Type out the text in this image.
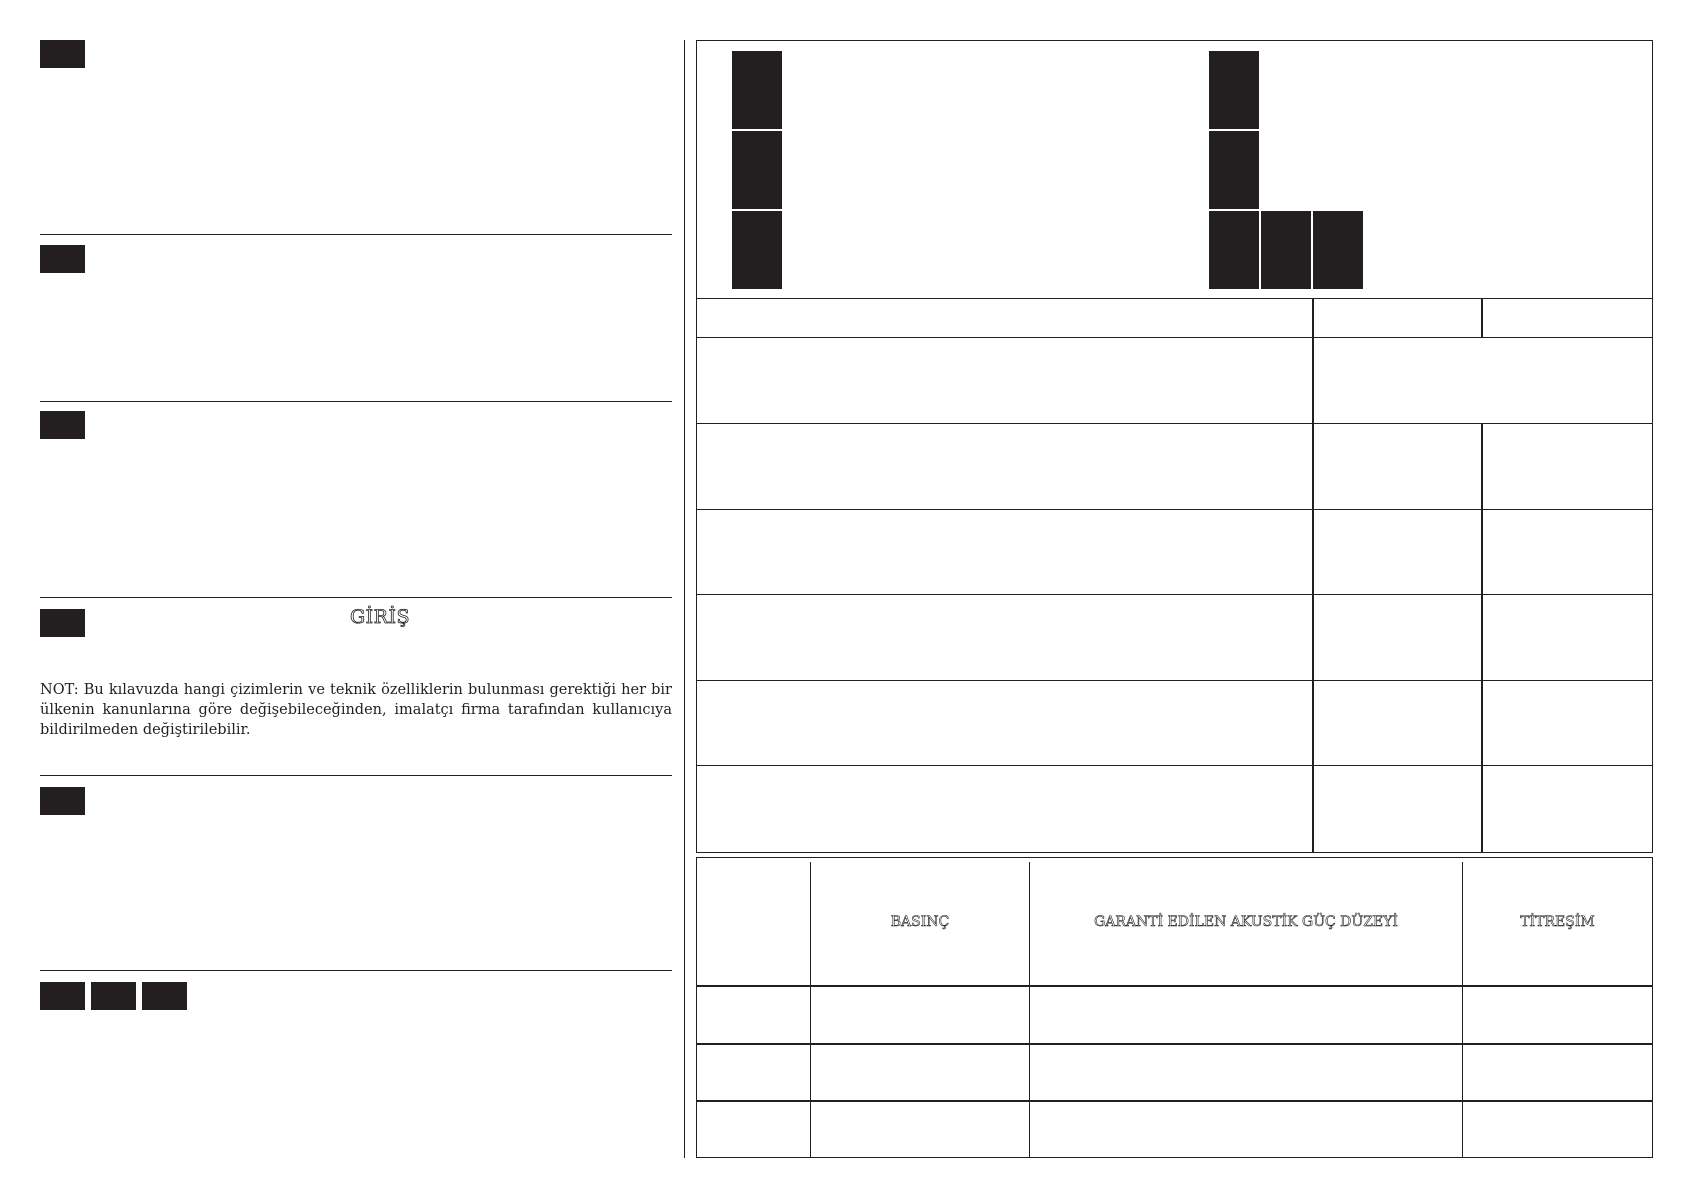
GİRİŞ
NOT: Bu kılavuzda hangi çizimlerin ve teknik özelliklerin bulunması gerektiği her bir ülkenin kanunlarına göre değişebileceğinden, imalatçı firma tarafından kullanıcıya bildirilmeden değiştirilebilir.
BASINÇ	GARANTİ EDİLEN AKUSTİK GÜÇ DÜZEYİ	TİTREŞİM
